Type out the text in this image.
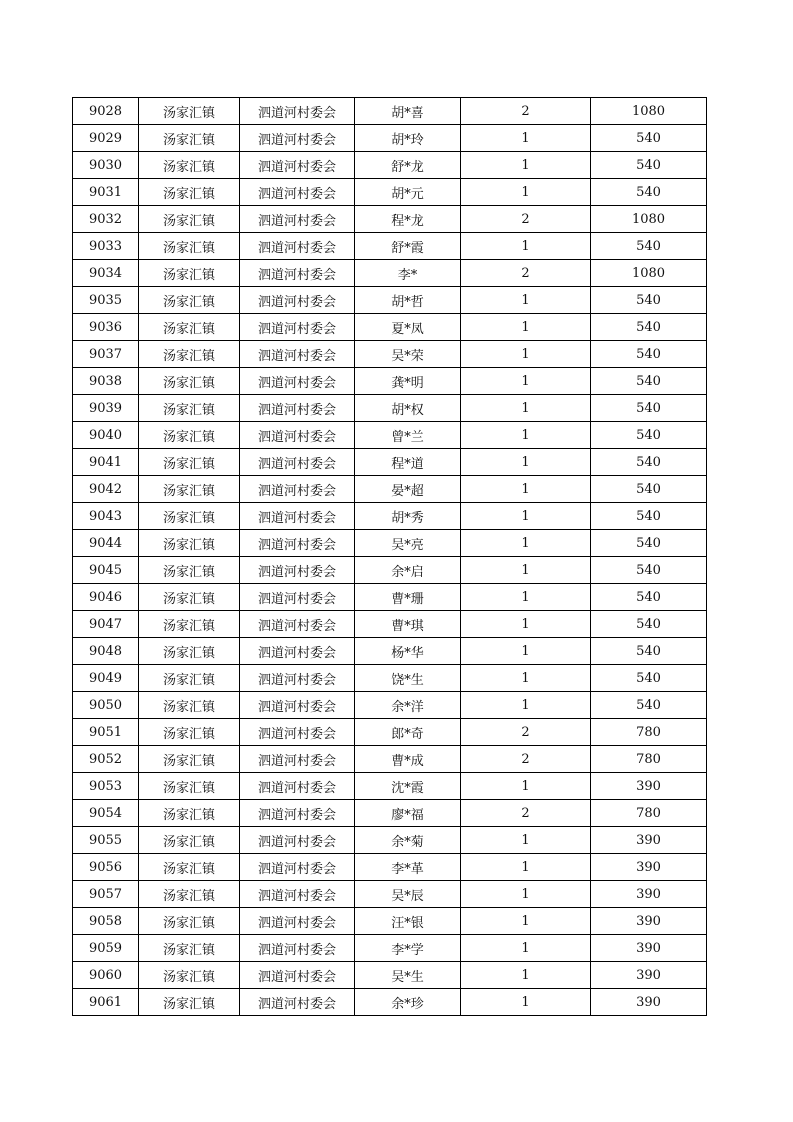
9028	汤家汇镇	泗道河村委会	胡*喜	2	1080
9029	汤家汇镇	泗道河村委会	胡*玲	1	540
9030	汤家汇镇	泗道河村委会	舒*龙	1	540
9031	汤家汇镇	泗道河村委会	胡*元	1	540
9032	汤家汇镇	泗道河村委会	程*龙	2	1080
9033	汤家汇镇	泗道河村委会	舒*霞	1	540
9034	汤家汇镇	泗道河村委会	李*	2	1080
9035	汤家汇镇	泗道河村委会	胡*哲	1	540
9036	汤家汇镇	泗道河村委会	夏*凤	1	540
9037	汤家汇镇	泗道河村委会	吴*荣	1	540
9038	汤家汇镇	泗道河村委会	龚*明	1	540
9039	汤家汇镇	泗道河村委会	胡*权	1	540
9040	汤家汇镇	泗道河村委会	曾*兰	1	540
9041	汤家汇镇	泗道河村委会	程*道	1	540
9042	汤家汇镇	泗道河村委会	晏*超	1	540
9043	汤家汇镇	泗道河村委会	胡*秀	1	540
9044	汤家汇镇	泗道河村委会	吴*亮	1	540
9045	汤家汇镇	泗道河村委会	余*启	1	540
9046	汤家汇镇	泗道河村委会	曹*珊	1	540
9047	汤家汇镇	泗道河村委会	曹*琪	1	540
9048	汤家汇镇	泗道河村委会	杨*华	1	540
9049	汤家汇镇	泗道河村委会	饶*生	1	540
9050	汤家汇镇	泗道河村委会	余*洋	1	540
9051	汤家汇镇	泗道河村委会	郎*奇	2	780
9052	汤家汇镇	泗道河村委会	曹*成	2	780
9053	汤家汇镇	泗道河村委会	沈*霞	1	390
9054	汤家汇镇	泗道河村委会	廖*福	2	780
9055	汤家汇镇	泗道河村委会	余*菊	1	390
9056	汤家汇镇	泗道河村委会	李*革	1	390
9057	汤家汇镇	泗道河村委会	吴*辰	1	390
9058	汤家汇镇	泗道河村委会	汪*银	1	390
9059	汤家汇镇	泗道河村委会	李*学	1	390
9060	汤家汇镇	泗道河村委会	吴*生	1	390
9061	汤家汇镇	泗道河村委会	余*珍	1	390
